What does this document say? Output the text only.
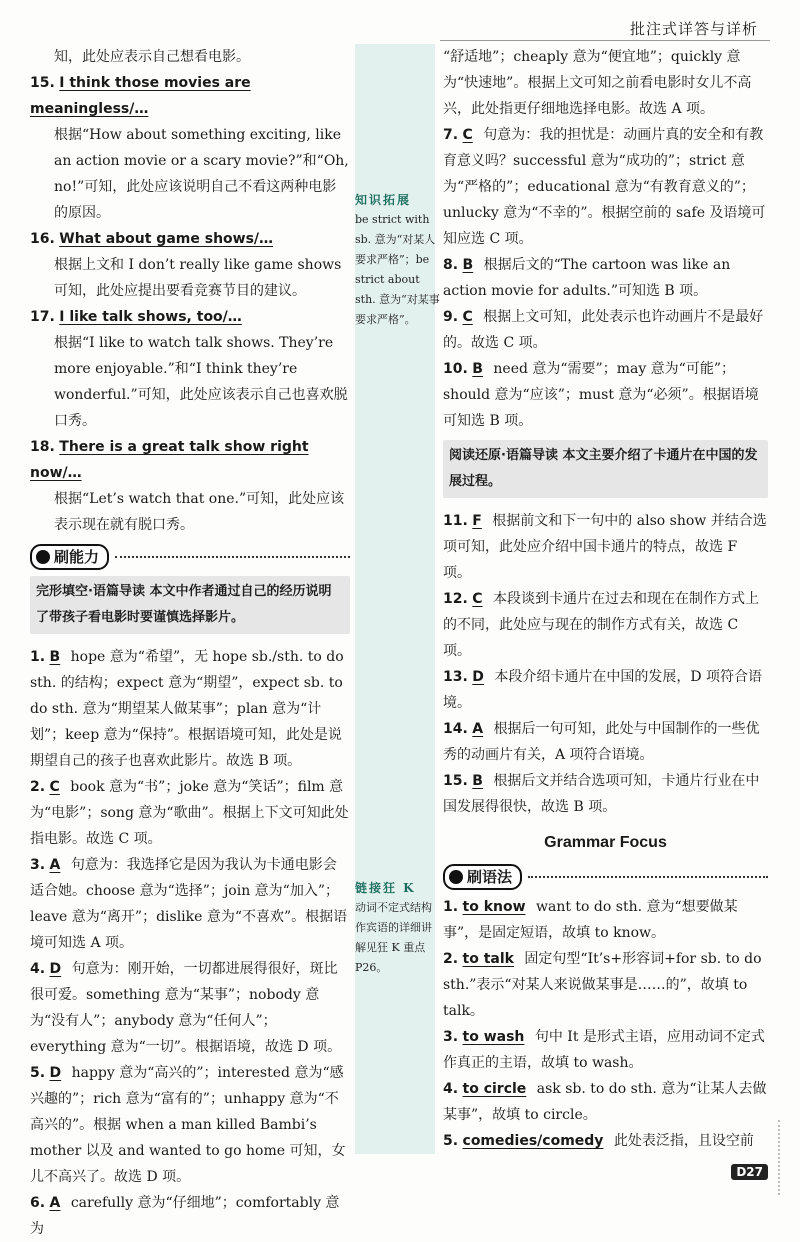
批注式详答与详析
知识拓展
be strict with sb. 意为“对某人要求严格”；be strict about sth. 意为“对某事要求严格”。
链接狂 K
动词不定式结构作宾语的详细讲解见狂 K 重点 P26。
知，此处应表示自己想看电影。
15. I think those movies are meaningless/…
根据“How about something exciting, like an action movie or a scary movie?”和“Oh, no!”可知，此处应该说明自己不看这两种电影的原因。
16. What about game shows/…
根据上文和 I don’t really like game shows 可知，此处应提出要看竞赛节目的建议。
17. I like talk shows, too/…
根据“I like to watch talk shows. They’re more enjoyable.”和“I think they’re wonderful.”可知，此处应该表示自己也喜欢脱口秀。
18. There is a great talk show right now/…
根据“Let’s watch that one.”可知，此处应该表示现在就有脱口秀。
刷能力
完形填空·语篇导读 本文中作者通过自己的经历说明了带孩子看电影时要谨慎选择影片。
1. B hope 意为“希望”，无 hope sb./sth. to do sth. 的结构；expect 意为“期望”，expect sb. to do sth. 意为“期望某人做某事”；plan 意为“计划”；keep 意为“保持”。根据语境可知，此处是说期望自己的孩子也喜欢此影片。故选 B 项。
2. C book 意为“书”；joke 意为“笑话”；film 意为“电影”；song 意为“歌曲”。根据上下文可知此处指电影。故选 C 项。
3. A 句意为：我选择它是因为我认为卡通电影会适合她。choose 意为“选择”；join 意为“加入”；leave 意为“离开”；dislike 意为“不喜欢”。根据语境可知选 A 项。
4. D 句意为：刚开始，一切都进展得很好，斑比很可爱。something 意为“某事”；nobody 意为“没有人”；anybody 意为“任何人”；everything 意为“一切”。根据语境，故选 D 项。
5. D happy 意为“高兴的”；interested 意为“感兴趣的”；rich 意为“富有的”；unhappy 意为“不高兴的”。根据 when a man killed Bambi’s mother 以及 and wanted to go home 可知，女儿不高兴了。故选 D 项。
6. A carefully 意为“仔细地”；comfortably 意为
“舒适地”；cheaply 意为“便宜地”；quickly 意为“快速地”。根据上文可知之前看电影时女儿不高兴，此处指更仔细地选择电影。故选 A 项。
7. C 句意为：我的担忧是：动画片真的安全和有教育意义吗？successful 意为“成功的”；strict 意为“严格的”；educational 意为“有教育意义的”；unlucky 意为“不幸的”。根据空前的 safe 及语境可知应选 C 项。
8. B 根据后文的“The cartoon was like an action movie for adults.”可知选 B 项。
9. C 根据上文可知，此处表示也许动画片不是最好的。故选 C 项。
10. B need 意为“需要”；may 意为“可能”；should 意为“应该”；must 意为“必须”。根据语境可知选 B 项。
阅读还原·语篇导读 本文主要介绍了卡通片在中国的发展过程。
11. F 根据前文和下一句中的 also show 并结合选项可知，此处应介绍中国卡通片的特点，故选 F 项。
12. C 本段谈到卡通片在过去和现在在制作方式上的不同，此处应与现在的制作方式有关，故选 C 项。
13. D 本段介绍卡通片在中国的发展，D 项符合语境。
14. A 根据后一句可知，此处与中国制作的一些优秀的动画片有关，A 项符合语境。
15. B 根据后文并结合选项可知，卡通片行业在中国发展得很快，故选 B 项。
Grammar Focus
刷语法
1. to know want to do sth. 意为“想要做某事”，是固定短语，故填 to know。
2. to talk 固定句型“It’s+形容词+for sb. to do sth.”表示“对某人来说做某事是……的”，故填 to talk。
3. to wash 句中 It 是形式主语，应用动词不定式作真正的主语，故填 to wash。
4. to circle ask sb. to do sth. 意为“让某人去做某事”，故填 to circle。
5. comedies/comedy 此处表泛指，且设空前
D27
